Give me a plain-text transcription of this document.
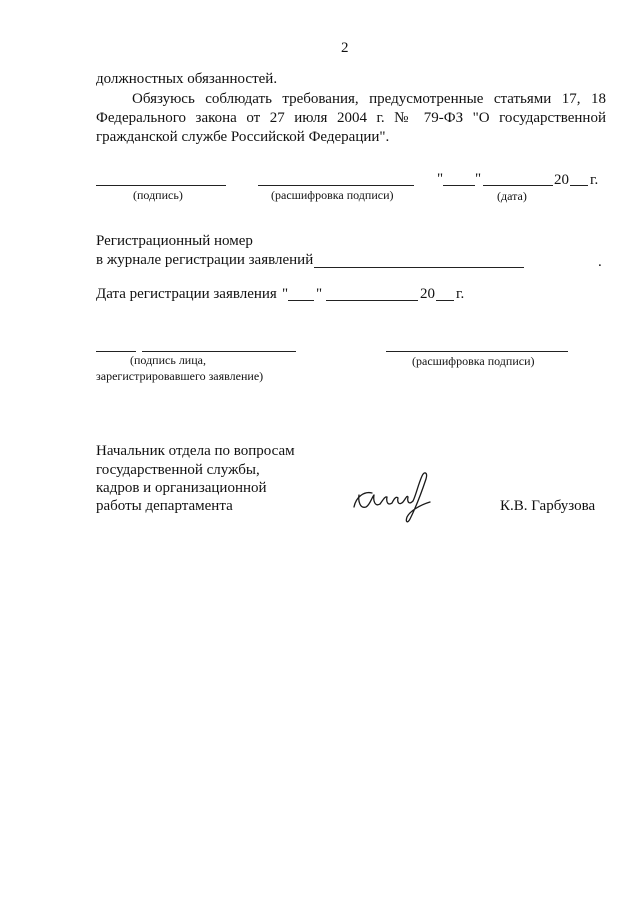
2
должностных обязанностей.
Обязуюсь соблюдать требования, предусмотренные статьями 17, 18
Федерального закона от 27 июля 2004 г. № 79-ФЗ "О государственной
гражданской службе Российской Федерации".
(подпись)	(расшифровка подписи)
" "	20 г.
(дата)
Регистрационный номер
в журнале регистрации заявлений	.
Дата регистрации заявления " "	20 г.
(подпись лица,
зарегистрировавшего заявление)
(расшифровка подписи)
Начальник отдела по вопросам
государственной службы,
кадров и организационной
работы департамента	К.В. Гарбузова
